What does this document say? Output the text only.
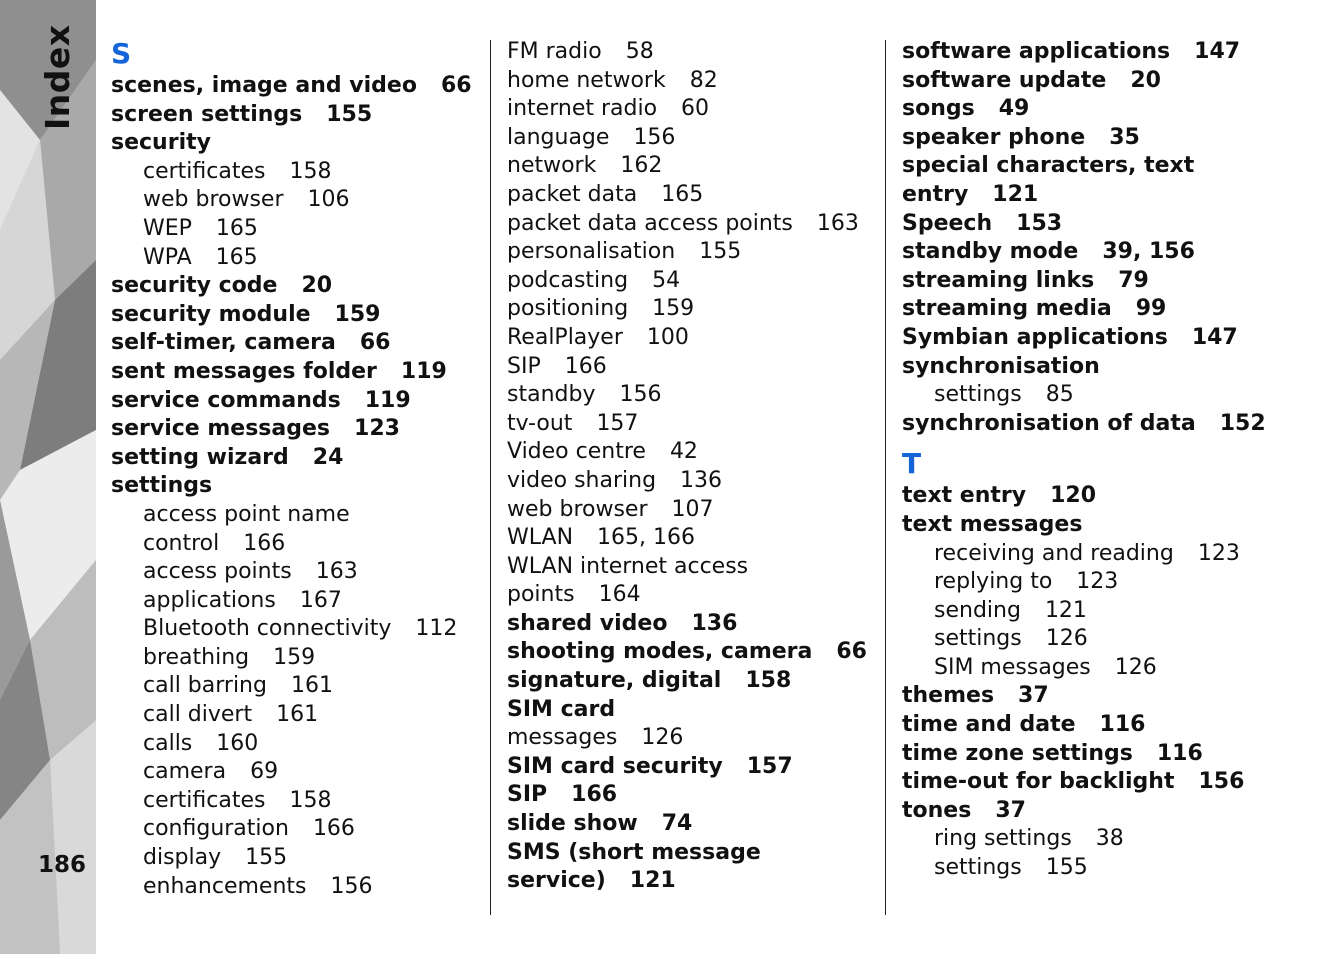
Index
186
S
scenes, image and video 66
screen settings 155
security
certificates 158
web browser 106
WEP 165
WPA 165
security code 20
security module 159
self-timer, camera 66
sent messages folder 119
service commands 119
service messages 123
setting wizard 24
settings
access point name
control 166
access points 163
applications 167
Bluetooth connectivity 112
breathing 159
call barring 161
call divert 161
calls 160
camera 69
certificates 158
configuration 166
display 155
enhancements 156
FM radio 58
home network 82
internet radio 60
language 156
network 162
packet data 165
packet data access points 163
personalisation 155
podcasting 54
positioning 159
RealPlayer 100
SIP 166
standby 156
tv-out 157
Video centre 42
video sharing 136
web browser 107
WLAN 165, 166
WLAN internet access
points 164
shared video 136
shooting modes, camera 66
signature, digital 158
SIM card
messages 126
SIM card security 157
SIP 166
slide show 74
SMS (short message
service) 121
software applications 147
software update 20
songs 49
speaker phone 35
special characters, text
entry 121
Speech 153
standby mode 39, 156
streaming links 79
streaming media 99
Symbian applications 147
synchronisation
settings 85
synchronisation of data 152
T
text entry 120
text messages
receiving and reading 123
replying to 123
sending 121
settings 126
SIM messages 126
themes 37
time and date 116
time zone settings 116
time-out for backlight 156
tones 37
ring settings 38
settings 155
